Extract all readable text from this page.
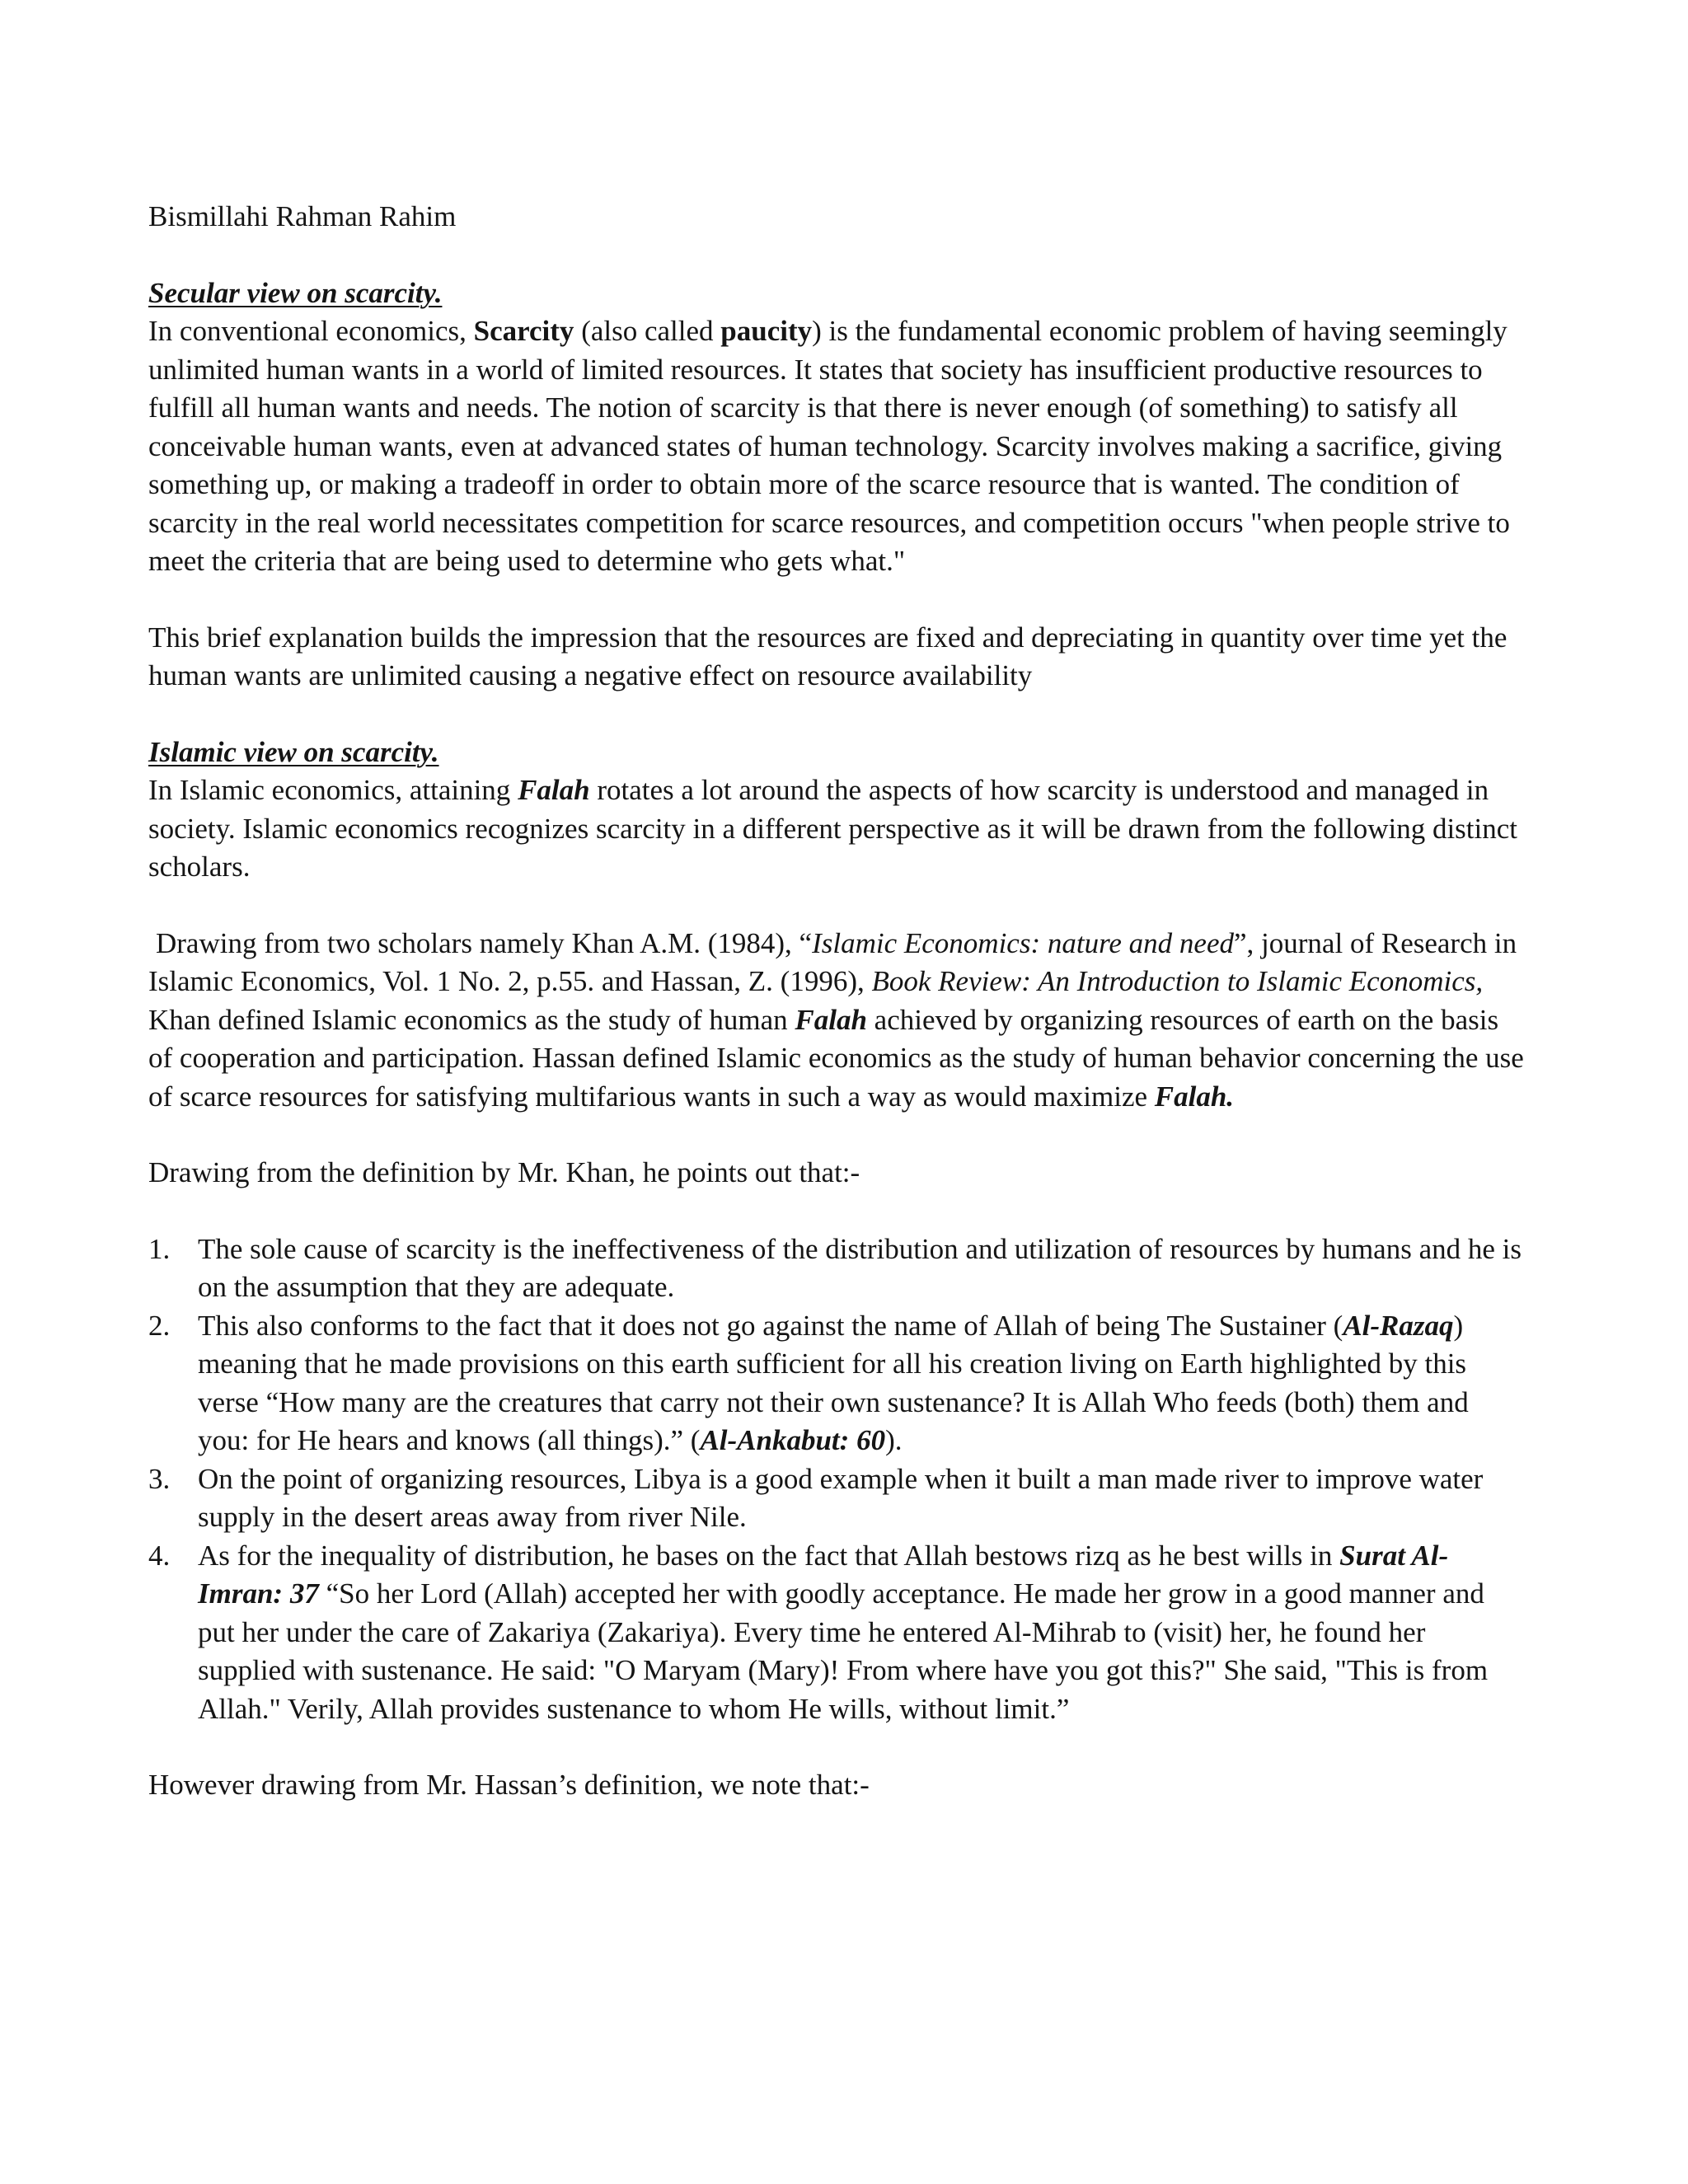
Bismillahi Rahman Rahim

Secular view on scarcity.

In conventional economics, Scarcity (also called paucity) is the fundamental economic problem of having seemingly unlimited human wants in a world of limited resources. It states that society has insufficient productive resources to fulfill all human wants and needs. The notion of scarcity is that there is never enough (of something) to satisfy all conceivable human wants, even at advanced states of human technology. Scarcity involves making a sacrifice, giving something up, or making a tradeoff in order to obtain more of the scarce resource that is wanted. The condition of scarcity in the real world necessitates competition for scarce resources, and competition occurs "when people strive to meet the criteria that are being used to determine who gets what."

This brief explanation builds the impression that the resources are fixed and depreciating in quantity over time yet the human wants are unlimited causing a negative effect on resource availability

Islamic view on scarcity.

In Islamic economics, attaining Falah rotates a lot around the aspects of how scarcity is understood and managed in society. Islamic economics recognizes scarcity in a different perspective as it will be drawn from the following distinct scholars.

Drawing from two scholars namely Khan A.M. (1984), “Islamic Economics: nature and need”, journal of Research in Islamic Economics, Vol. 1 No. 2, p.55. and Hassan, Z. (1996), Book Review: An Introduction to Islamic Economics, Khan defined Islamic economics as the study of human Falah achieved by organizing resources of earth on the basis of cooperation and participation. Hassan defined Islamic economics as the study of human behavior concerning the use of scarce resources for satisfying multifarious wants in such a way as would maximize Falah.

Drawing from the definition by Mr. Khan, he points out that:-

1. The sole cause of scarcity is the ineffectiveness of the distribution and utilization of resources by humans and he is on the assumption that they are adequate.
2. This also conforms to the fact that it does not go against the name of Allah of being The Sustainer (Al-Razaq) meaning that he made provisions on this earth sufficient for all his creation living on Earth highlighted by this verse “How many are the creatures that carry not their own sustenance? It is Allah Who feeds (both) them and you: for He hears and knows (all things).” (Al-Ankabut: 60).
3. On the point of organizing resources, Libya is a good example when it built a man made river to improve water supply in the desert areas away from river Nile.
4. As for the inequality of distribution, he bases on the fact that Allah bestows rizq as he best wills in Surat Al-Imran: 37 “So her Lord (Allah) accepted her with goodly acceptance. He made her grow in a good manner and put her under the care of Zakariya (Zakariya). Every time he entered Al-Mihrab to (visit) her, he found her supplied with sustenance. He said: "O Maryam (Mary)! From where have you got this?" She said, "This is from Allah." Verily, Allah provides sustenance to whom He wills, without limit.”

However drawing from Mr. Hassan’s definition, we note that:-
